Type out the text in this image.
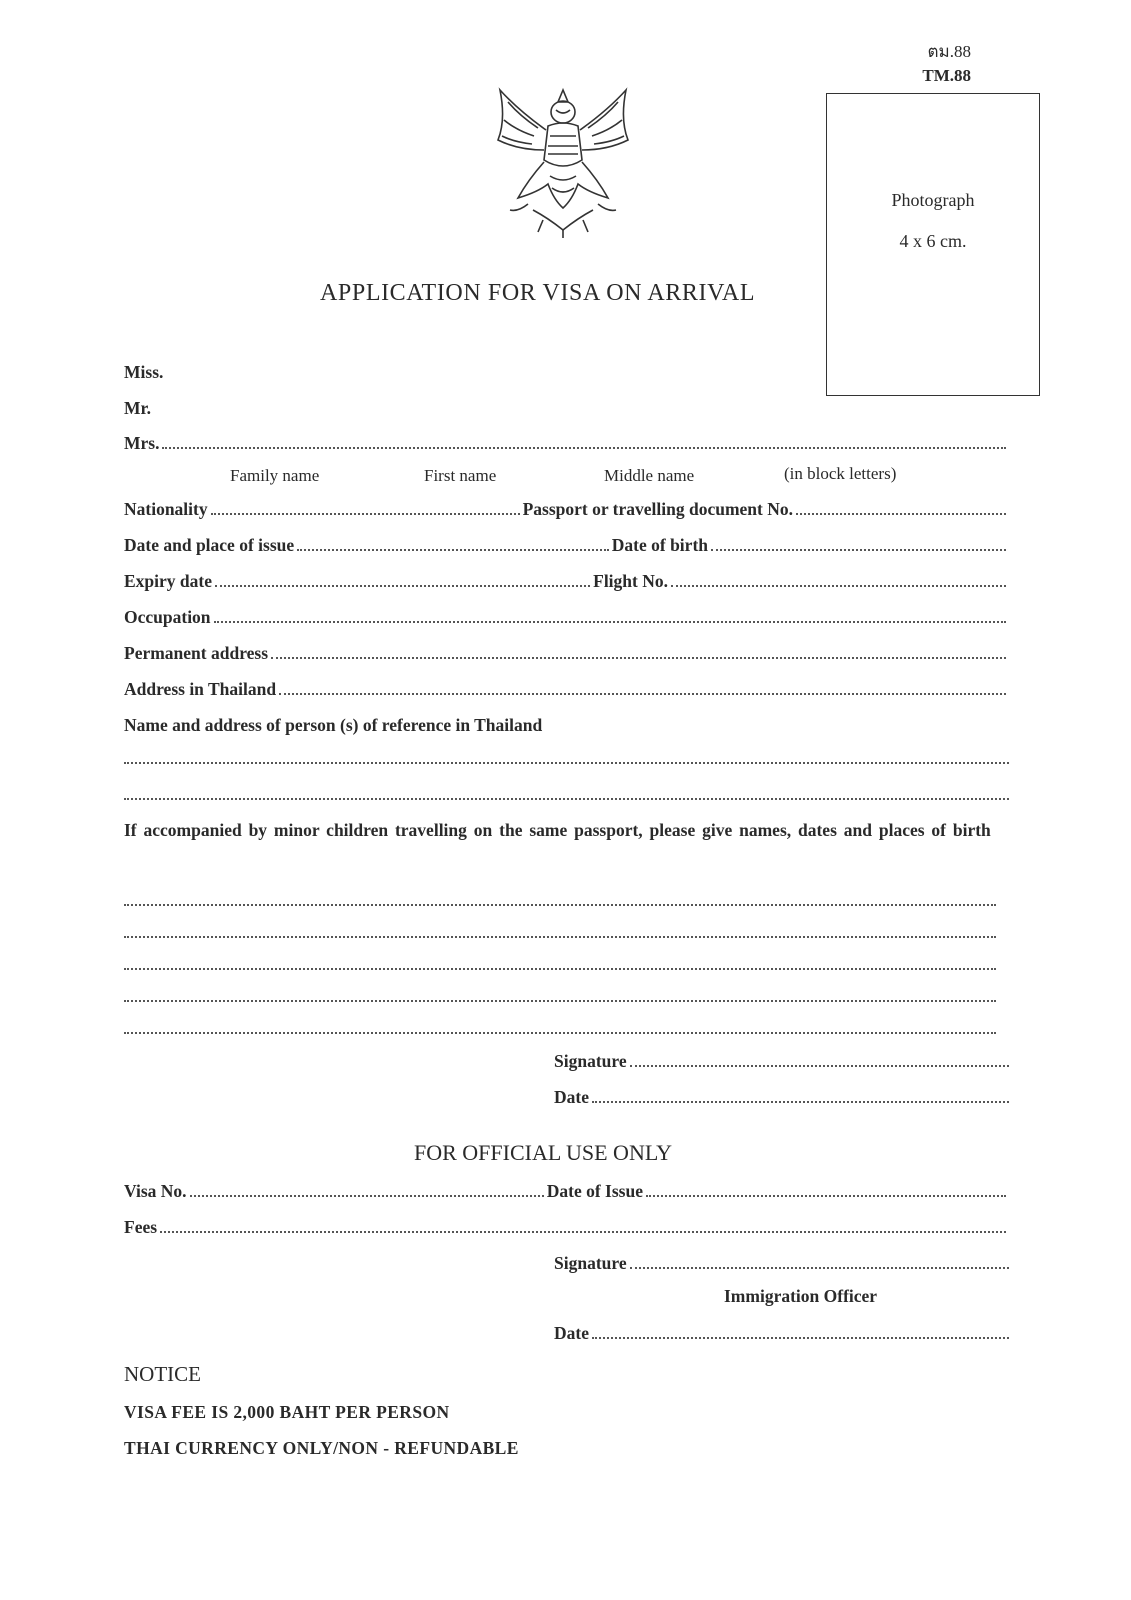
ตม.88
TM.88
Photograph
4 x 6 cm.
APPLICATION FOR VISA ON ARRIVAL
Miss.
Mr.
Mrs.
Family name	First name	Middle name	(in block letters)
Nationality	Passport or travelling document No.
Date and place of issue	Date of birth
Expiry date	Flight No.
Occupation
Permanent address
Address in Thailand
Name and address of person (s) of reference in Thailand
If accompanied by minor children travelling on the same passport, please give names, dates and places of birth
Signature
Date
FOR OFFICIAL USE ONLY
Visa No.	Date of Issue
Fees
Signature
Immigration Officer
Date
NOTICE
VISA FEE IS 2,000 BAHT PER PERSON
THAI CURRENCY ONLY/NON - REFUNDABLE
